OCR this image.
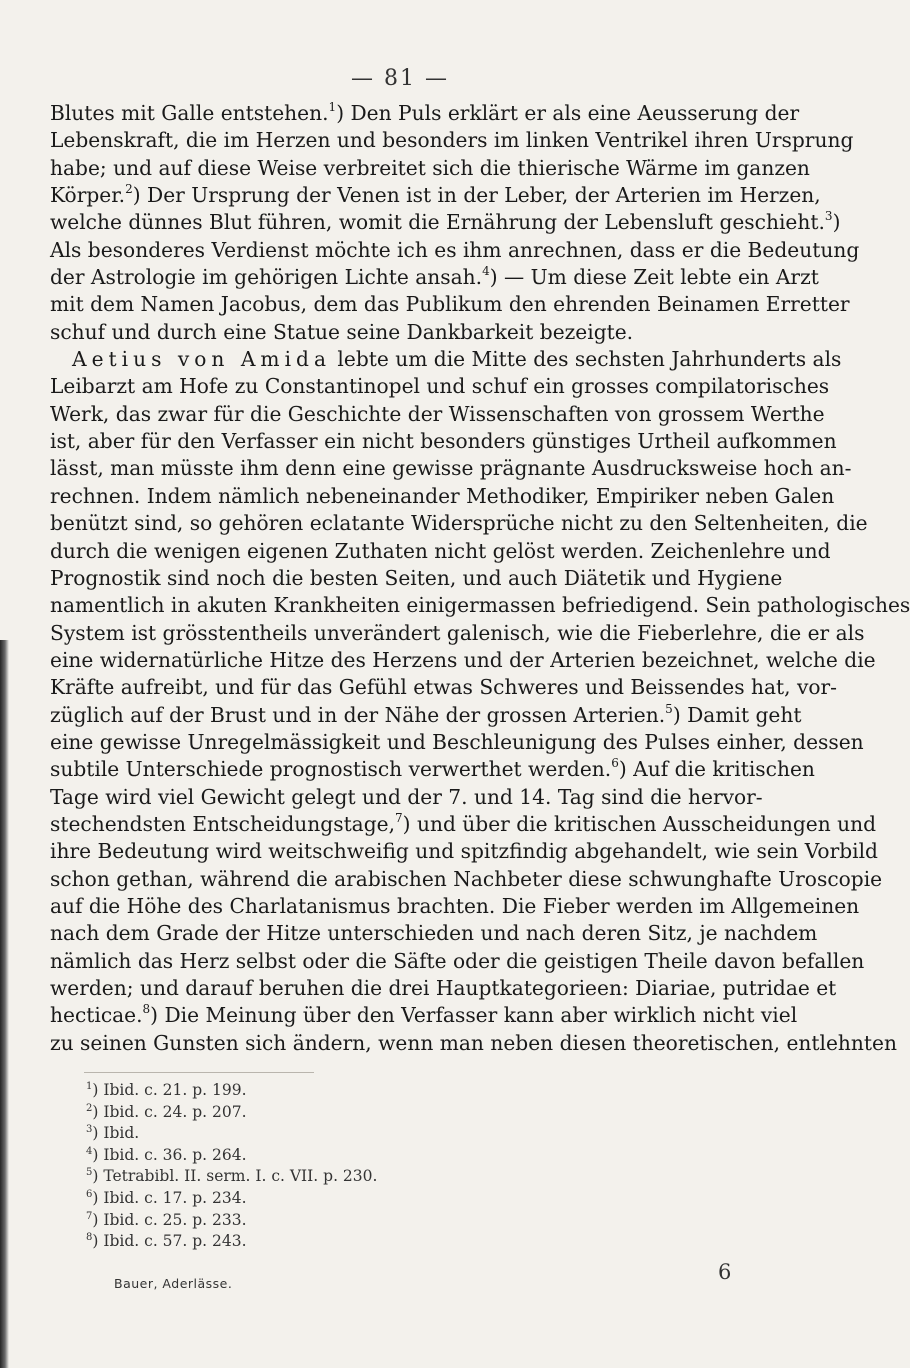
— 81 —
Blutes mit Galle entstehen.$^1$) Den Puls erklärt er als eine Aeusserung der
Lebenskraft, die im Herzen und besonders im linken Ventrikel ihren Ursprung
habe; und auf diese Weise verbreitet sich die thierische Wärme im ganzen
Körper.$^2$) Der Ursprung der Venen ist in der Leber, der Arterien im Herzen,
welche dünnes Blut führen, womit die Ernährung der Lebensluft geschieht.$^3$)
Als besonderes Verdienst möchte ich es ihm anrechnen, dass er die Bedeutung
der Astrologie im gehörigen Lichte ansah.$^4$) — Um diese Zeit lebte ein Arzt
mit dem Namen Jacobus, dem das Publikum den ehrenden Beinamen Erretter
schuf und durch eine Statue seine Dankbarkeit bezeigte.
Aetius von Amida lebte um die Mitte des sechsten Jahrhunderts als
Leibarzt am Hofe zu Constantinopel und schuf ein grosses compilatorisches
Werk, das zwar für die Geschichte der Wissenschaften von grossem Werthe
ist, aber für den Verfasser ein nicht besonders günstiges Urtheil aufkommen
lässt, man müsste ihm denn eine gewisse prägnante Ausdrucksweise hoch an-
rechnen. Indem nämlich nebeneinander Methodiker, Empiriker neben Galen
benützt sind, so gehören eclatante Widersprüche nicht zu den Seltenheiten, die
durch die wenigen eigenen Zuthaten nicht gelöst werden. Zeichenlehre und
Prognostik sind noch die besten Seiten, und auch Diätetik und Hygiene
namentlich in akuten Krankheiten einigermassen befriedigend. Sein pathologisches
System ist grösstentheils unverändert galenisch, wie die Fieberlehre, die er als
eine widernatürliche Hitze des Herzens und der Arterien bezeichnet, welche die
Kräfte aufreibt, und für das Gefühl etwas Schweres und Beissendes hat, vor-
züglich auf der Brust und in der Nähe der grossen Arterien.$^5$) Damit geht
eine gewisse Unregelmässigkeit und Beschleunigung des Pulses einher, dessen
subtile Unterschiede prognostisch verwerthet werden.$^6$) Auf die kritischen
Tage wird viel Gewicht gelegt und der 7. und 14. Tag sind die hervor-
stechendsten Entscheidungstage,$^7$) und über die kritischen Ausscheidungen und
ihre Bedeutung wird weitschweifig und spitzfindig abgehandelt, wie sein Vorbild
schon gethan, während die arabischen Nachbeter diese schwunghafte Uroscopie
auf die Höhe des Charlatanismus brachten. Die Fieber werden im Allgemeinen
nach dem Grade der Hitze unterschieden und nach deren Sitz, je nachdem
nämlich das Herz selbst oder die Säfte oder die geistigen Theile davon befallen
werden; und darauf beruhen die drei Hauptkategorieen: Diariae, putridae et
hecticae.$^8$) Die Meinung über den Verfasser kann aber wirklich nicht viel
zu seinen Gunsten sich ändern, wenn man neben diesen theoretischen, entlehnten
$^1$) Ibid. c. 21. p. 199.
$^2$) Ibid. c. 24. p. 207.
$^3$) Ibid.
$^4$) Ibid. c. 36. p. 264.
$^5$) Tetrabibl. II. serm. I. c. VII. p. 230.
$^6$) Ibid. c. 17. p. 234.
$^7$) Ibid. c. 25. p. 233.
$^8$) Ibid. c. 57. p. 243.
Bauer, Aderlässe.	6
